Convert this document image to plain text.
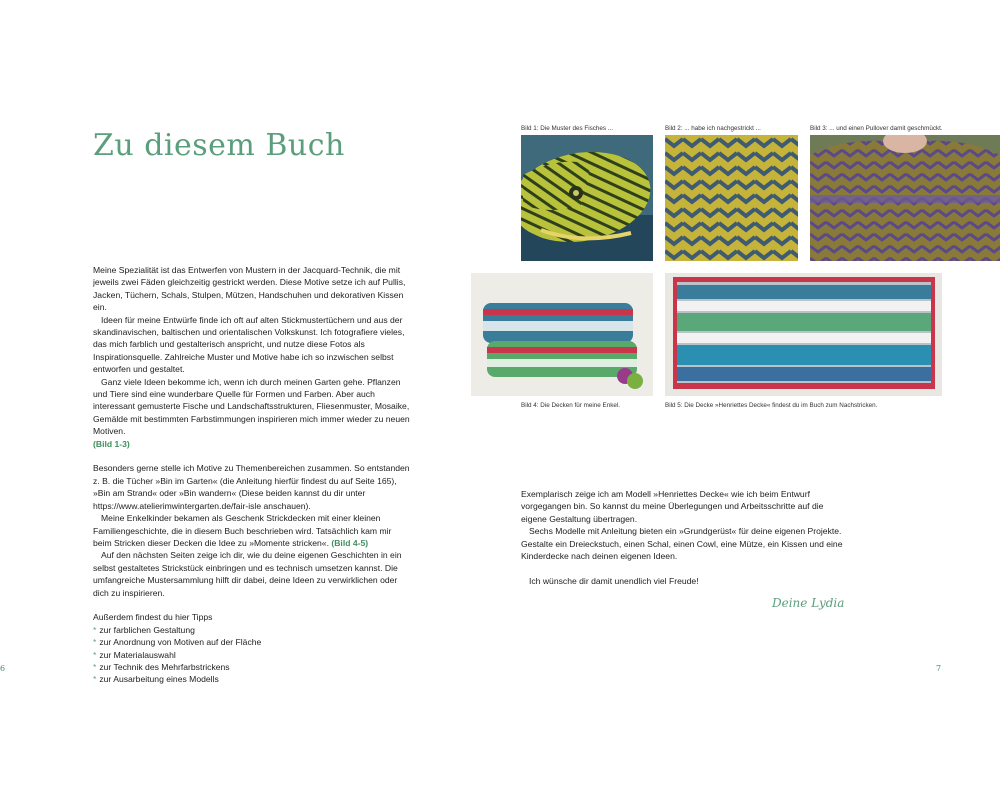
Zu diesem Buch

Meine Spezialität ist das Entwerfen von Mustern in der Jacquard-Technik, die mit jeweils zwei Fäden gleichzeitig gestrickt werden. Diese Motive setze ich auf Pullis, Jacken, Tüchern, Schals, Stulpen, Mützen, Handschuhen und dekorativen Kissen ein.

Ideen für meine Entwürfe finde ich oft auf alten Stickmustertüchern und aus der skandinavischen, baltischen und orientalischen Volkskunst. Ich fotografiere vieles, das mich farblich und gestalterisch anspricht, und nutze diese Fotos als Inspirationsquelle. Zahlreiche Muster und Motive habe ich so inzwischen selbst entworfen und gestaltet.

Ganz viele Ideen bekomme ich, wenn ich durch meinen Garten gehe. Pflanzen und Tiere sind eine wunderbare Quelle für Formen und Farben. Aber auch interessant gemusterte Fische und Landschaftsstrukturen, Fliesenmuster, Mosaike, Gemälde mit bestimmten Farbstimmungen inspirieren mich immer wieder zu neuen Motiven.
(Bild 1-3)

Besonders gerne stelle ich Motive zu Themenbereichen zusammen. So entstanden z. B. die Tücher »Bin im Garten« (die Anleitung hierfür findest du auf Seite 165), »Bin am Strand« oder »Bin wandern« (Diese beiden kannst du dir unter https://www.atelierimwintergarten.de/fair-isle anschauen).

Meine Enkelkinder bekamen als Geschenk Strickdecken mit einer kleinen Familiengeschichte, die in diesem Buch beschrieben wird. Tatsächlich kam mir beim Stricken dieser Decken die Idee zu »Momente stricken«. (Bild 4-5)

Auf den nächsten Seiten zeige ich dir, wie du deine eigenen Geschichten in ein selbst gestaltetes Strickstück einbringen und es technisch umsetzen kannst. Die umfangreiche Mustersammlung hilft dir dabei, deine Ideen zu verwirklichen oder dich zu inspirieren.

Außerdem findest du hier Tipps

* zur farblichen Gestaltung
* zur Anordnung von Motiven auf der Fläche
* zur Materialauswahl
* zur Technik des Mehrfarbstrickens
* zur Ausarbeitung eines Modells
6
Bild 1: Die Muster des Fisches ...	Bild 2: ... habe ich nachgestrickt ...	Bild 3: ... und einen Pullover damit geschmückt.
Bild 4: Die Decken für meine Enkel.	Bild 5: Die Decke »Henriettes Decke« findest du im Buch zum Nachstricken.

Exemplarisch zeige ich am Modell »Henriettes Decke« wie ich beim Entwurf vorgegangen bin. So kannst du meine Überlegungen und Arbeitsschritte auf die eigene Gestaltung übertragen.

Sechs Modelle mit Anleitung bieten ein »Grundgerüst« für deine eigenen Projekte. Gestalte ein Dreieckstuch, einen Schal, einen Cowl, eine Mütze, ein Kissen und eine Kinderdecke nach deinen eigenen Ideen.

Ich wünsche dir damit unendlich viel Freude!

Deine Lydia
7
